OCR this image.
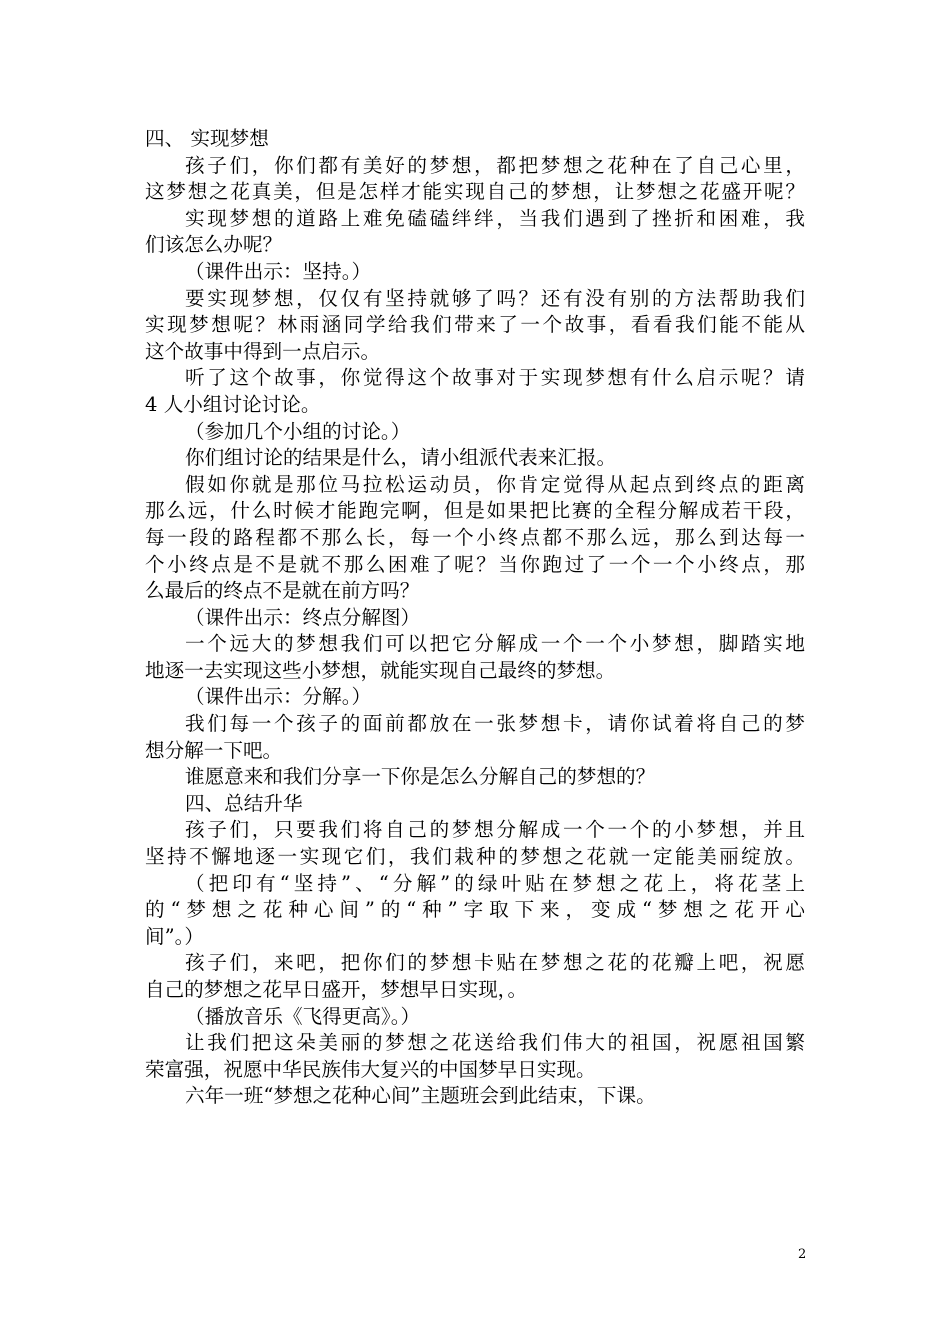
四、 实现梦想
孩子们，你们都有美好的梦想，都把梦想之花种在了自己心里，
这梦想之花真美，但是怎样才能实现自己的梦想，让梦想之花盛开呢？
实现梦想的道路上难免磕磕绊绊，当我们遇到了挫折和困难，我
们该怎么办呢？
（课件出示：坚持。）
要实现梦想，仅仅有坚持就够了吗？还有没有别的方法帮助我们
实现梦想呢？林雨涵同学给我们带来了一个故事，看看我们能不能从
这个故事中得到一点启示。
听了这个故事，你觉得这个故事对于实现梦想有什么启示呢？请
4 人小组讨论讨论。
（参加几个小组的讨论。）
你们组讨论的结果是什么，请小组派代表来汇报。
假如你就是那位马拉松运动员，你肯定觉得从起点到终点的距离
那么远，什么时候才能跑完啊，但是如果把比赛的全程分解成若干段，
每一段的路程都不那么长，每一个小终点都不那么远，那么到达每一
个小终点是不是就不那么困难了呢？当你跑过了一个一个小终点，那
么最后的终点不是就在前方吗？
（课件出示：终点分解图）
一个远大的梦想我们可以把它分解成一个一个小梦想，脚踏实地
地逐一去实现这些小梦想，就能实现自己最终的梦想。
（课件出示：分解。）
我们每一个孩子的面前都放在一张梦想卡，请你试着将自己的梦
想分解一下吧。
谁愿意来和我们分享一下你是怎么分解自己的梦想的？
四、总结升华
孩子们，只要我们将自己的梦想分解成一个一个的小梦想，并且
坚持不懈地逐一实现它们，我们栽种的梦想之花就一定能美丽绽放。
（把印有“坚持”、“分解”的绿叶贴在梦想之花上，将花茎上
的“梦想之花种心间”的“种”字取下来，变成“梦想之花开心
间”。）
孩子们，来吧，把你们的梦想卡贴在梦想之花的花瓣上吧，祝愿
自己的梦想之花早日盛开，梦想早日实现，。
（播放音乐《飞得更高》。）
让我们把这朵美丽的梦想之花送给我们伟大的祖国，祝愿祖国繁
荣富强，祝愿中华民族伟大复兴的中国梦早日实现。
六年一班“梦想之花种心间”主题班会到此结束，下课。
2
